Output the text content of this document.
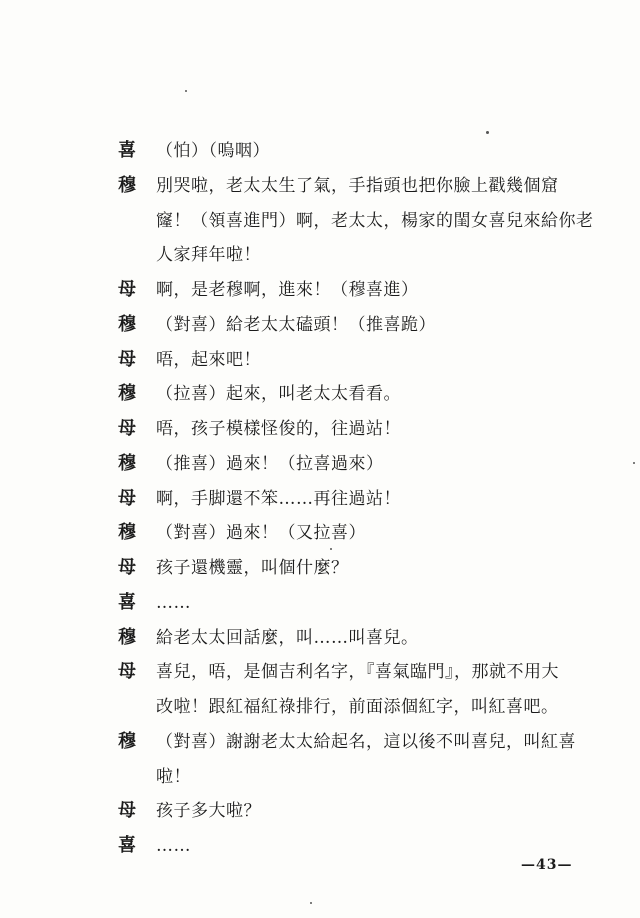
喜	（怕）（嗚咽）
穆	別哭啦，老太太生了氣，手指頭也把你臉上戳幾個窟
窿！（領喜進門）啊，老太太，楊家的閨女喜兒來給你老
人家拜年啦！
母	啊，是老穆啊，進來！（穆喜進）
穆	（對喜）給老太太磕頭！（推喜跪）
母	唔，起來吧！
穆	（拉喜）起來，叫老太太看看。
母	唔，孩子模樣怪俊的，往過站！
穆	（推喜）過來！（拉喜過來）
母	啊，手脚還不笨……再往過站！
穆	（對喜）過來！（又拉喜）
母	孩子還機靈，叫個什麼？
喜	……
穆	給老太太回話麼，叫……叫喜兒。
母	喜兒，唔，是個吉利名字，『喜氣臨門』，那就不用大
改啦！跟紅福紅祿排行，前面添個紅字，叫紅喜吧。
穆	（對喜）謝謝老太太給起名，這以後不叫喜兒，叫紅喜
啦！
母	孩子多大啦？
喜	……
—43—
